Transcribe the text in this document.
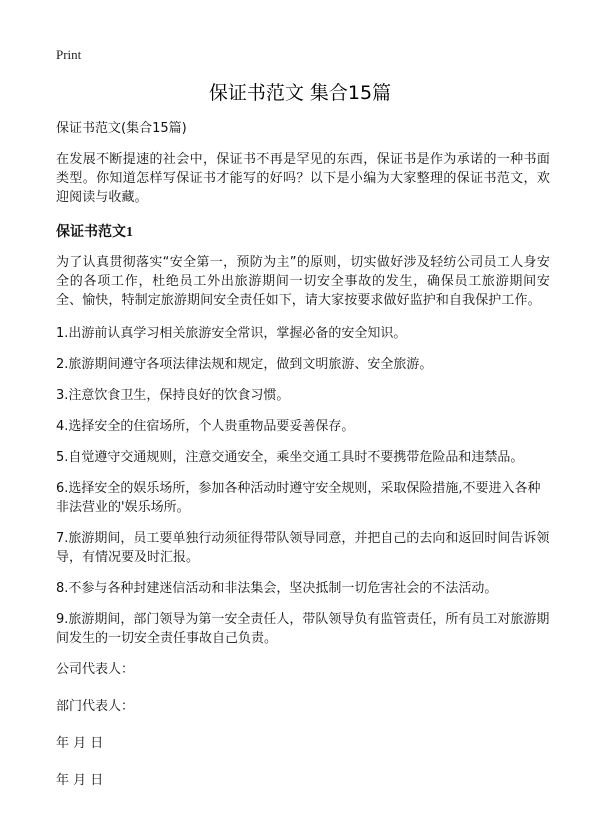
Print
保证书范文 集合15篇

保证书范文(集合15篇)

在发展不断提速的社会中，保证书不再是罕见的东西，保证书是作为承诺的一种书面类型。你知道怎样写保证书才能写的好吗？以下是小编为大家整理的保证书范文，欢迎阅读与收藏。

保证书范文1

为了认真贯彻落实“安全第一，预防为主”的原则，切实做好涉及轻纺公司员工人身安全的各项工作，杜绝员工外出旅游期间一切安全事故的发生，确保员工旅游期间安全、愉快，特制定旅游期间安全责任如下，请大家按要求做好监护和自我保护工作。

1.出游前认真学习相关旅游安全常识，掌握必备的安全知识。

2.旅游期间遵守各项法律法规和规定，做到文明旅游、安全旅游。

3.注意饮食卫生，保持良好的饮食习惯。

4.选择安全的住宿场所，个人贵重物品要妥善保存。

5.自觉遵守交通规则，注意交通安全，乘坐交通工具时不要携带危险品和违禁品。

6.选择安全的娱乐场所，参加各种活动时遵守安全规则，采取保险措施,不要进入各种非法营业的'娱乐场所。

7.旅游期间，员工要单独行动须征得带队领导同意，并把自己的去向和返回时间告诉领导，有情况要及时汇报。

8.不参与各种封建迷信活动和非法集会，坚决抵制一切危害社会的不法活动。

9.旅游期间，部门领导为第一安全责任人，带队领导负有监管责任，所有员工对旅游期间发生的一切安全责任事故自己负责。

公司代表人：

部门代表人：

年 月 日

年 月 日
